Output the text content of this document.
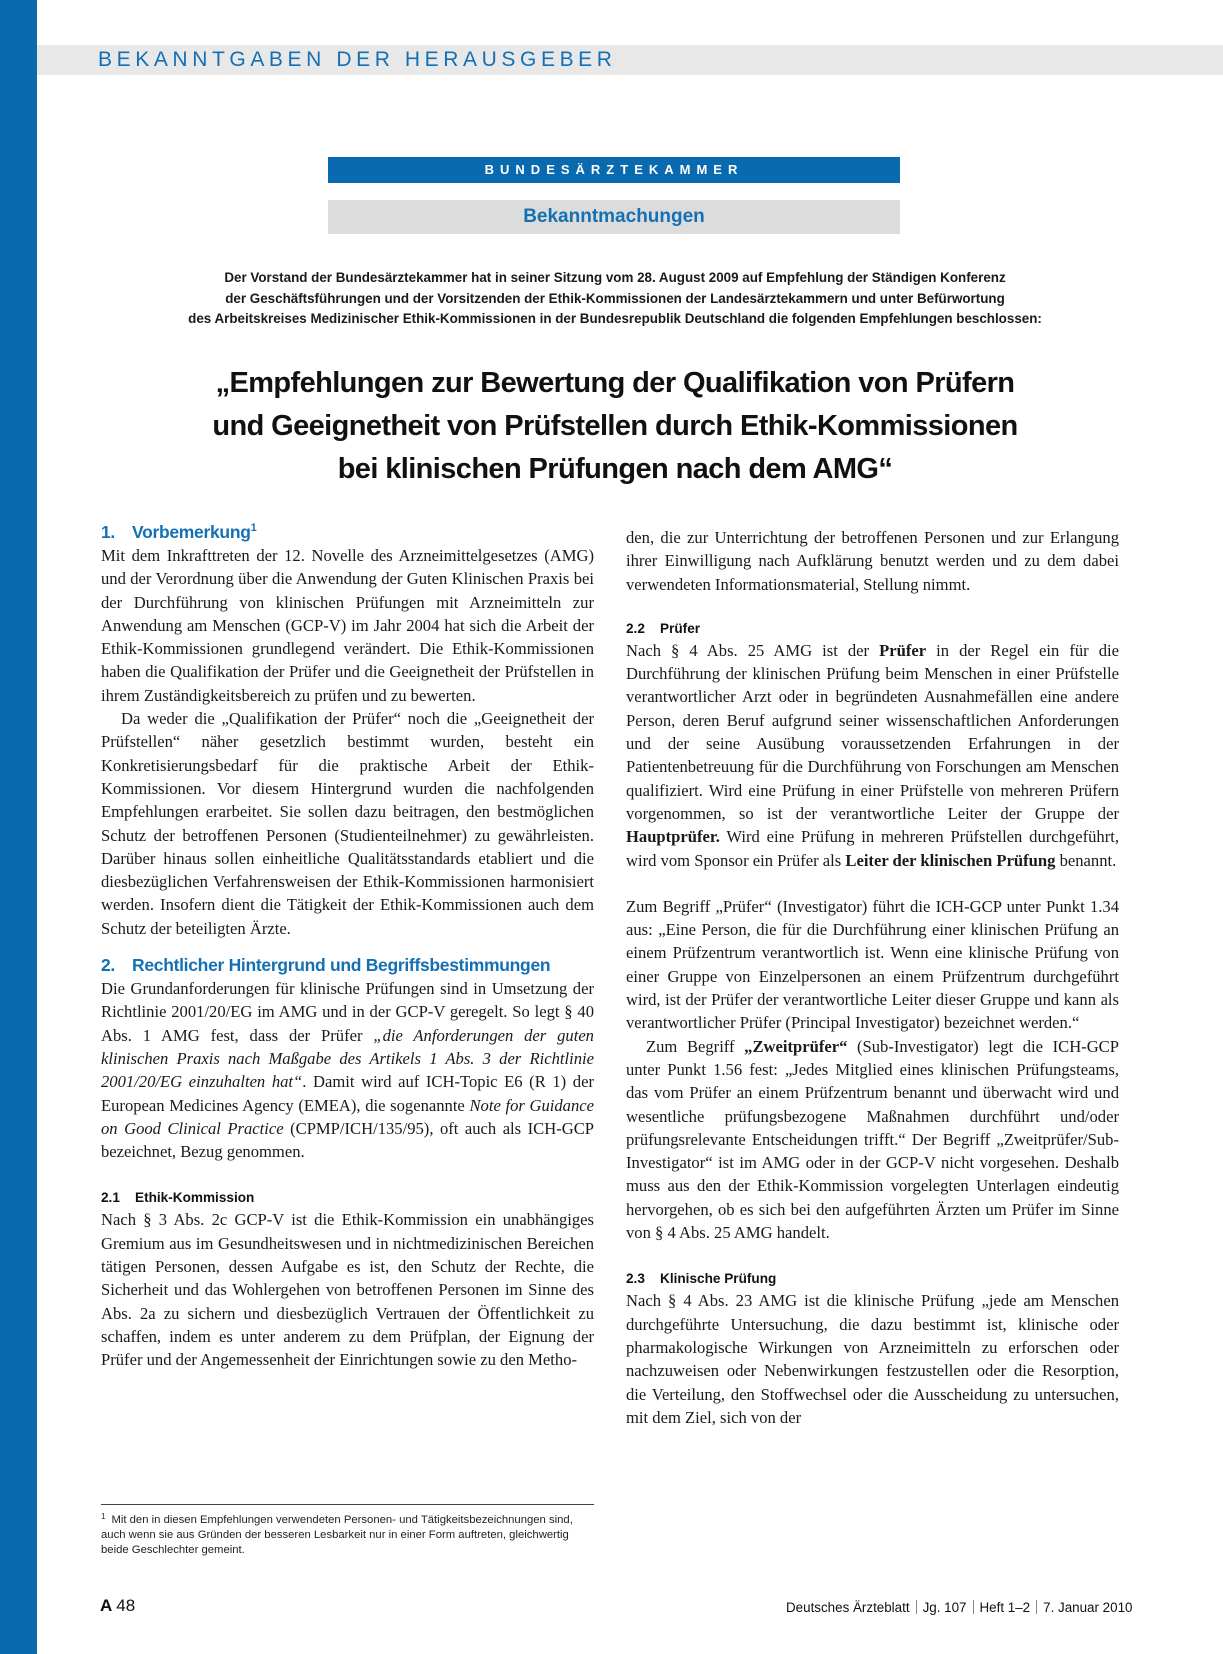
BEKANNTGABEN DER HERAUSGEBER
BUNDESÄRZTEKAMMER
Bekanntmachungen
Der Vorstand der Bundesärztekammer hat in seiner Sitzung vom 28. August 2009 auf Empfehlung der Ständigen Konferenz
der Geschäftsführungen und der Vorsitzenden der Ethik-Kommissionen der Landesärztekammern und unter Befürwortung
des Arbeitskreises Medizinischer Ethik-Kommissionen in der Bundesrepublik Deutschland die folgenden Empfehlungen beschlossen:
„Empfehlungen zur Bewertung der Qualifikation von Prüfern
und Geeignetheit von Prüfstellen durch Ethik-Kommissionen
bei klinischen Prüfungen nach dem AMG“
1. Vorbemerkung$^1$

Mit dem Inkrafttreten der 12. Novelle des Arzneimittelgesetzes (AMG) und der Verordnung über die Anwendung der Guten Klinischen Praxis bei der Durchführung von klinischen Prüfungen mit Arzneimitteln zur Anwendung am Menschen (GCP-V) im Jahr 2004 hat sich die Arbeit der Ethik-Kommissionen grundlegend verändert. Die Ethik-Kommissionen haben die Qualifikation der Prüfer und die Geeignetheit der Prüfstellen in ihrem Zuständigkeitsbereich zu prüfen und zu bewerten.

Da weder die „Qualifikation der Prüfer“ noch die „Geeignetheit der Prüfstellen“ näher gesetzlich bestimmt wurden, besteht ein Konkretisierungsbedarf für die praktische Arbeit der Ethik-Kommissionen. Vor diesem Hintergrund wurden die nachfolgenden Empfehlungen erarbeitet. Sie sollen dazu beitragen, den bestmöglichen Schutz der betroffenen Personen (Studienteilnehmer) zu gewährleisten. Darüber hinaus sollen einheitliche Qualitätsstandards etabliert und die diesbezüglichen Verfahrensweisen der Ethik-Kommissionen harmonisiert werden. Insofern dient die Tätigkeit der Ethik-Kommissionen auch dem Schutz der beteiligten Ärzte.

2. Rechtlicher Hintergrund und Begriffsbestimmungen

Die Grundanforderungen für klinische Prüfungen sind in Umsetzung der Richtlinie 2001/20/EG im AMG und in der GCP-V geregelt. So legt § 40 Abs. 1 AMG fest, dass der Prüfer „die Anforderungen der guten klinischen Praxis nach Maßgabe des Artikels 1 Abs. 3 der Richtlinie 2001/20/EG einzuhalten hat“. Damit wird auf ICH-Topic E6 (R 1) der European Medicines Agency (EMEA), die sogenannte Note for Guidance on Good Clinical Practice (CPMP/ICH/135/95), oft auch als ICH-GCP bezeichnet, Bezug genommen.

2.1 Ethik-Kommission

Nach § 3 Abs. 2c GCP-V ist die Ethik-Kommission ein unabhängiges Gremium aus im Gesundheitswesen und in nichtmedizinischen Bereichen tätigen Personen, dessen Aufgabe es ist, den Schutz der Rechte, die Sicherheit und das Wohlergehen von betroffenen Personen im Sinne des Abs. 2a zu sichern und diesbezüglich Vertrauen der Öffentlichkeit zu schaffen, indem es unter anderem zu dem Prüfplan, der Eignung der Prüfer und der Angemessenheit der Einrichtungen sowie zu den Metho-

den, die zur Unterrichtung der betroffenen Personen und zur Erlangung ihrer Einwilligung nach Aufklärung benutzt werden und zu dem dabei verwendeten Informationsmaterial, Stellung nimmt.

2.2 Prüfer

Nach § 4 Abs. 25 AMG ist der Prüfer in der Regel ein für die Durchführung der klinischen Prüfung beim Menschen in einer Prüfstelle verantwortlicher Arzt oder in begründeten Ausnahmefällen eine andere Person, deren Beruf aufgrund seiner wissenschaftlichen Anforderungen und der seine Ausübung voraussetzenden Erfahrungen in der Patientenbetreuung für die Durchführung von Forschungen am Menschen qualifiziert. Wird eine Prüfung in einer Prüfstelle von mehreren Prüfern vorgenommen, so ist der verantwortliche Leiter der Gruppe der Hauptprüfer. Wird eine Prüfung in mehreren Prüfstellen durchgeführt, wird vom Sponsor ein Prüfer als Leiter der klinischen Prüfung benannt.

Zum Begriff „Prüfer“ (Investigator) führt die ICH-GCP unter Punkt 1.34 aus: „Eine Person, die für die Durchführung einer klinischen Prüfung an einem Prüfzentrum verantwortlich ist. Wenn eine klinische Prüfung von einer Gruppe von Einzelpersonen an einem Prüfzentrum durchgeführt wird, ist der Prüfer der verantwortliche Leiter dieser Gruppe und kann als verantwortlicher Prüfer (Principal Investigator) bezeichnet werden.“

Zum Begriff „Zweitprüfer“ (Sub-Investigator) legt die ICH-GCP unter Punkt 1.56 fest: „Jedes Mitglied eines klinischen Prüfungsteams, das vom Prüfer an einem Prüfzentrum benannt und überwacht wird und wesentliche prüfungsbezogene Maßnahmen durchführt und/oder prüfungsrelevante Entscheidungen trifft.“ Der Begriff „Zweitprüfer/Sub-Investigator“ ist im AMG oder in der GCP-V nicht vorgesehen. Deshalb muss aus den der Ethik-Kommission vorgelegten Unterlagen eindeutig hervorgehen, ob es sich bei den aufgeführten Ärzten um Prüfer im Sinne von § 4 Abs. 25 AMG handelt.

2.3 Klinische Prüfung

Nach § 4 Abs. 23 AMG ist die klinische Prüfung „jede am Menschen durchgeführte Untersuchung, die dazu bestimmt ist, klinische oder pharmakologische Wirkungen von Arzneimitteln zu erforschen oder nachzuweisen oder Nebenwirkungen festzustellen oder die Resorption, die Verteilung, den Stoffwechsel oder die Ausscheidung zu untersuchen, mit dem Ziel, sich von der

$^1$ Mit den in diesen Empfehlungen verwendeten Personen- und Tätigkeitsbezeichnungen sind, auch wenn sie aus Gründen der besseren Lesbarkeit nur in einer Form auftreten, gleichwertig beide Geschlechter gemeint.
A 48	Deutsches Ärzteblatt Jg. 107 Heft 1–2 7. Januar 2010
